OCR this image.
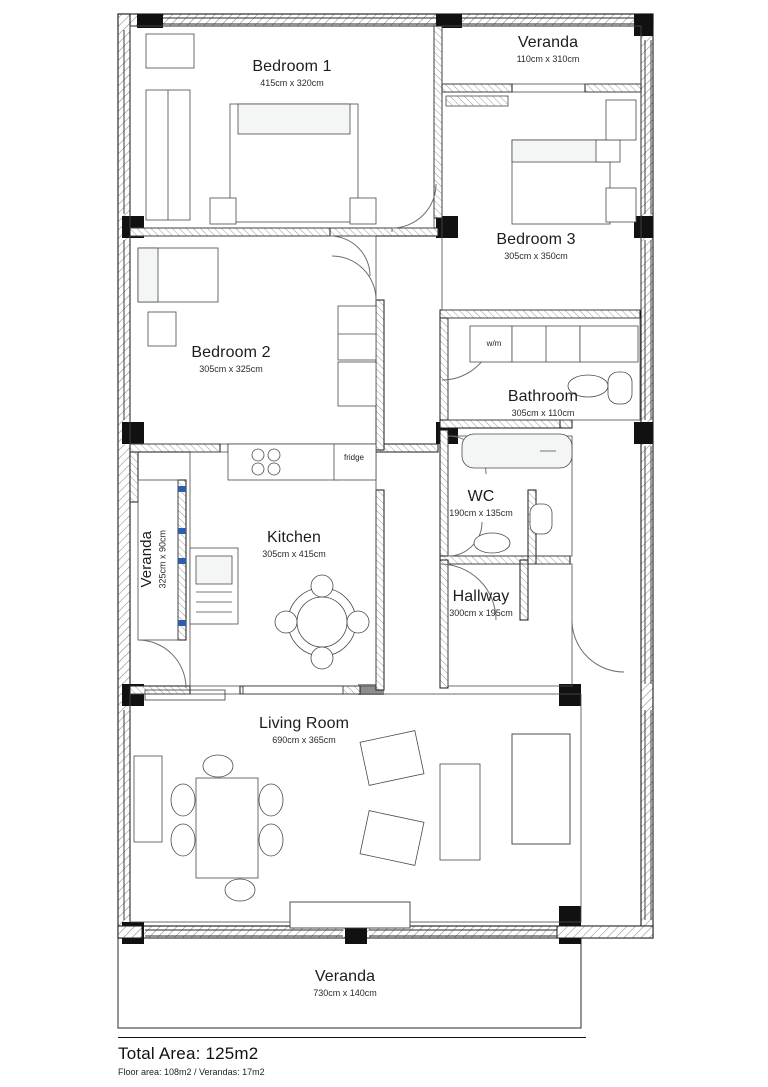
Bedroom 1
415cm x 320cm
Veranda
110cm x 310cm
Bedroom 3
305cm x 350cm
Bedroom 2
305cm x 325cm
Bathroom
305cm x 110cm
WC
190cm x 135cm
Kitchen
305cm x 415cm
Hallway
300cm x 195cm
Veranda 325cm x 90cm
Living Room
690cm x 365cm
Veranda
730cm x 140cm
w/m
fridge
Total Area: 125m2
Floor area: 108m2 / Verandas: 17m2
